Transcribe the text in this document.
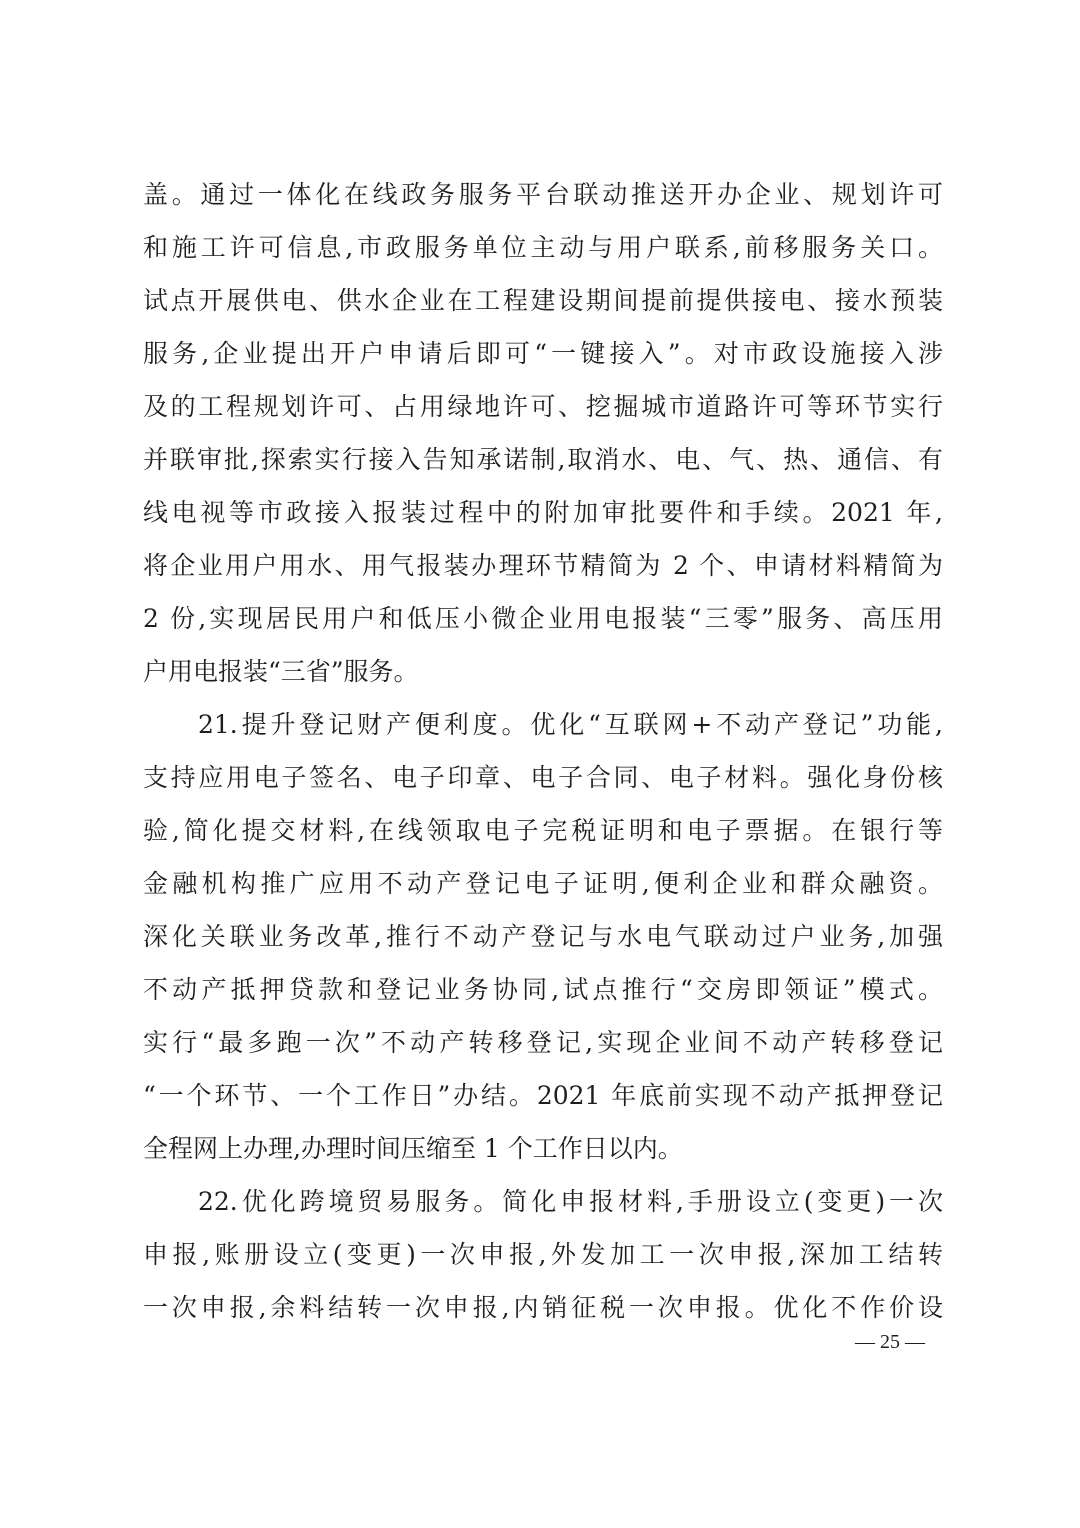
盖。通过一体化在线政务服务平台联动推送开办企业、规划许可
和施工许可信息,市政服务单位主动与用户联系,前移服务关口。
试点开展供电、供水企业在工程建设期间提前提供接电、接水预装
服务,企业提出开户申请后即可“一键接入”。对市政设施接入涉
及的工程规划许可、占用绿地许可、挖掘城市道路许可等环节实行
并联审批,探索实行接入告知承诺制,取消水、电、气、热、通信、有
线电视等市政接入报装过程中的附加审批要件和手续。2021 年,
将企业用户用水、用气报装办理环节精简为 2 个、申请材料精简为
2 份,实现居民用户和低压小微企业用电报装“三零”服务、高压用
户用电报装“三省”服务。
21.提升登记财产便利度。优化“互联网+不动产登记”功能,
支持应用电子签名、电子印章、电子合同、电子材料。强化身份核
验,简化提交材料,在线领取电子完税证明和电子票据。在银行等
金融机构推广应用不动产登记电子证明,便利企业和群众融资。
深化关联业务改革,推行不动产登记与水电气联动过户业务,加强
不动产抵押贷款和登记业务协同,试点推行“交房即领证”模式。
实行“最多跑一次”不动产转移登记,实现企业间不动产转移登记
“一个环节、一个工作日”办结。2021 年底前实现不动产抵押登记
全程网上办理,办理时间压缩至 1 个工作日以内。
22.优化跨境贸易服务。简化申报材料,手册设立(变更)一次
申报,账册设立(变更)一次申报,外发加工一次申报,深加工结转
一次申报,余料结转一次申报,内销征税一次申报。优化不作价设
— 25 —
